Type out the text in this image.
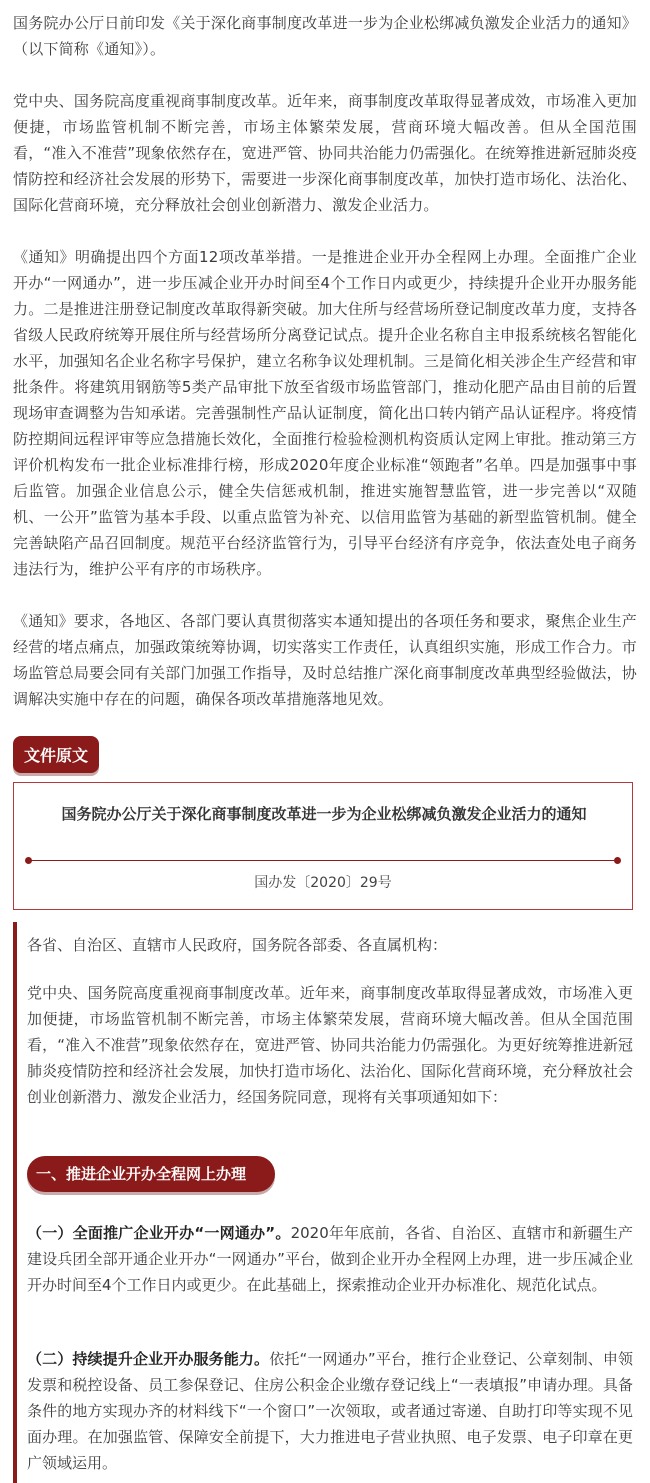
国务院办公厅日前印发《关于深化商事制度改革进一步为企业松绑减负激发企业活力的通知》（以下简称《通知》）。

党中央、国务院高度重视商事制度改革。近年来，商事制度改革取得显著成效，市场准入更加便捷，市场监管机制不断完善，市场主体繁荣发展，营商环境大幅改善。但从全国范围看，“准入不准营”现象依然存在，宽进严管、协同共治能力仍需强化。在统筹推进新冠肺炎疫情防控和经济社会发展的形势下，需要进一步深化商事制度改革，加快打造市场化、法治化、国际化营商环境，充分释放社会创业创新潜力、激发企业活力。

《通知》明确提出四个方面12项改革举措。一是推进企业开办全程网上办理。全面推广企业开办“一网通办”，进一步压减企业开办时间至4个工作日内或更少，持续提升企业开办服务能力。二是推进注册登记制度改革取得新突破。加大住所与经营场所登记制度改革力度，支持各省级人民政府统筹开展住所与经营场所分离登记试点。提升企业名称自主申报系统核名智能化水平，加强知名企业名称字号保护，建立名称争议处理机制。三是简化相关涉企生产经营和审批条件。将建筑用钢筋等5类产品审批下放至省级市场监管部门，推动化肥产品由目前的后置现场审查调整为告知承诺。完善强制性产品认证制度，简化出口转内销产品认证程序。将疫情防控期间远程评审等应急措施长效化，全面推行检验检测机构资质认定网上审批。推动第三方评价机构发布一批企业标准排行榜，形成2020年度企业标准“领跑者”名单。四是加强事中事后监管。加强企业信息公示，健全失信惩戒机制，推进实施智慧监管，进一步完善以“双随机、一公开”监管为基本手段、以重点监管为补充、以信用监管为基础的新型监管机制。健全完善缺陷产品召回制度。规范平台经济监管行为，引导平台经济有序竞争，依法查处电子商务违法行为，维护公平有序的市场秩序。

《通知》要求，各地区、各部门要认真贯彻落实本通知提出的各项任务和要求，聚焦企业生产经营的堵点痛点，加强政策统筹协调，切实落实工作责任，认真组织实施，形成工作合力。市场监管总局要会同有关部门加强工作指导，及时总结推广深化商事制度改革典型经验做法，协调解决实施中存在的问题，确保各项改革措施落地见效。

文件原文
国务院办公厅关于深化商事制度改革进一步为企业松绑减负激发企业活力的通知
国办发〔2020〕29号

各省、自治区、直辖市人民政府，国务院各部委、各直属机构：

党中央、国务院高度重视商事制度改革。近年来，商事制度改革取得显著成效，市场准入更加便捷，市场监管机制不断完善，市场主体繁荣发展，营商环境大幅改善。但从全国范围看，“准入不准营”现象依然存在，宽进严管、协同共治能力仍需强化。为更好统筹推进新冠肺炎疫情防控和经济社会发展，加快打造市场化、法治化、国际化营商环境，充分释放社会创业创新潜力、激发企业活力，经国务院同意，现将有关事项通知如下：

一、推进企业开办全程网上办理

（一）全面推广企业开办“一网通办”。2020年年底前，各省、自治区、直辖市和新疆生产建设兵团全部开通企业开办“一网通办”平台，做到企业开办全程网上办理，进一步压减企业开办时间至4个工作日内或更少。在此基础上，探索推动企业开办标准化、规范化试点。

（二）持续提升企业开办服务能力。依托“一网通办”平台，推行企业登记、公章刻制、申领发票和税控设备、员工参保登记、住房公积金企业缴存登记线上“一表填报”申请办理。具备条件的地方实现办齐的材料线下“一个窗口”一次领取，或者通过寄递、自助打印等实现不见面办理。在加强监管、保障安全前提下，大力推进电子营业执照、电子发票、电子印章在更广领域运用。
